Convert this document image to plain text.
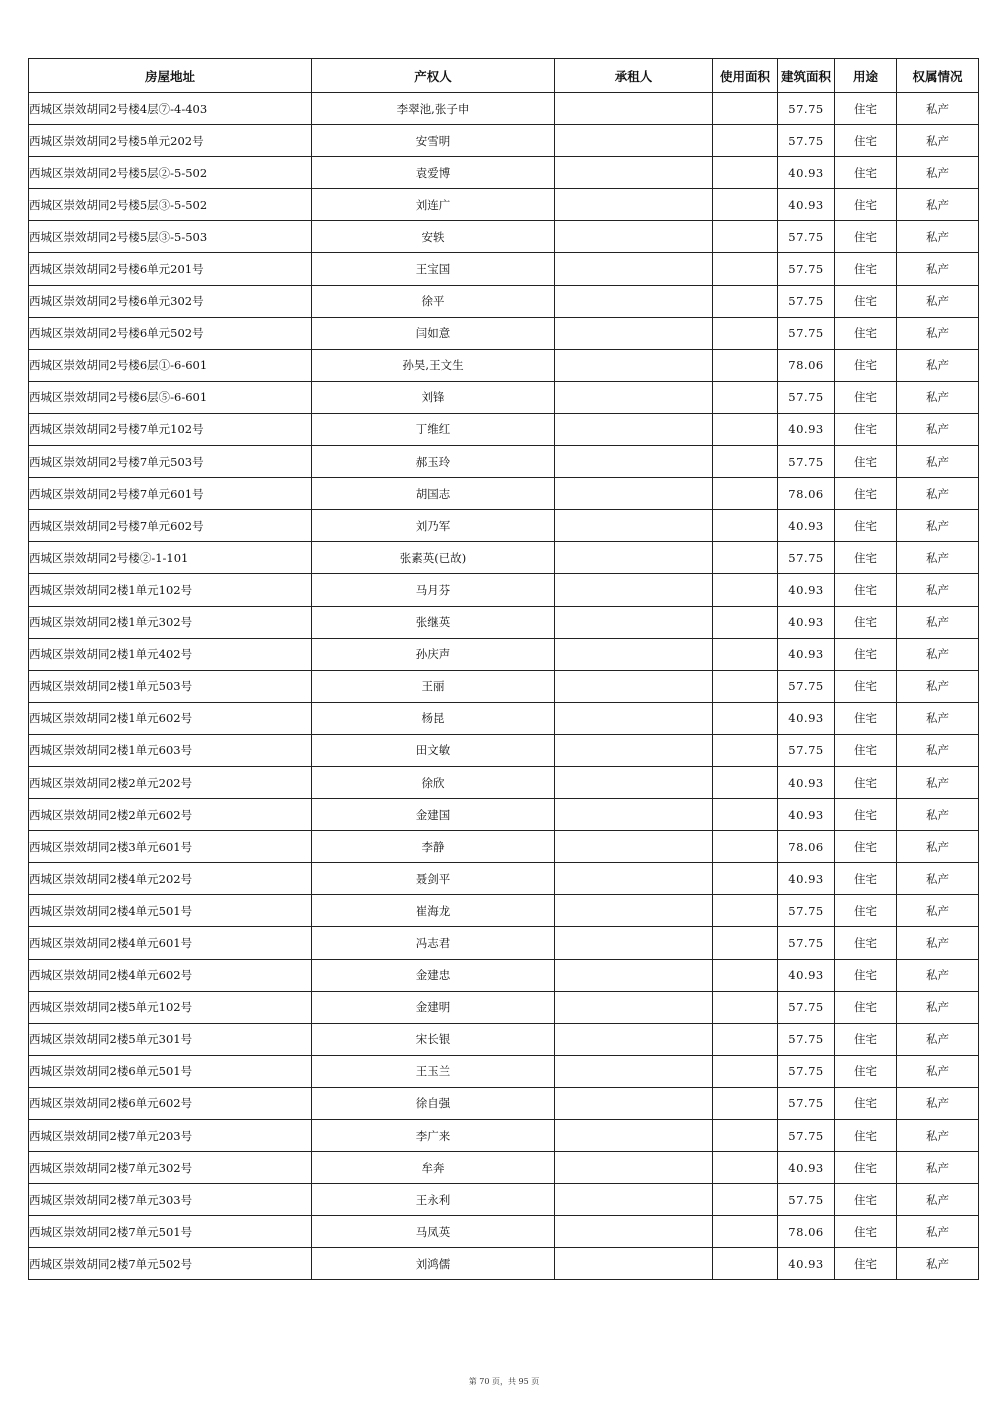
房屋地址	产权人	承租人	使用面积	建筑面积	用途	权属情况
西城区崇效胡同2号楼4层⑦-4-403	李翠池,张子申			57.75	住宅	私产
西城区崇效胡同2号楼5单元202号	安雪明			57.75	住宅	私产
西城区崇效胡同2号楼5层②-5-502	袁爱博			40.93	住宅	私产
西城区崇效胡同2号楼5层③-5-502	刘连广			40.93	住宅	私产
西城区崇效胡同2号楼5层③-5-503	安轶			57.75	住宅	私产
西城区崇效胡同2号楼6单元201号	王宝国			57.75	住宅	私产
西城区崇效胡同2号楼6单元302号	徐平			57.75	住宅	私产
西城区崇效胡同2号楼6单元502号	闫如意			57.75	住宅	私产
西城区崇效胡同2号楼6层①-6-601	孙昊,王文生			78.06	住宅	私产
西城区崇效胡同2号楼6层⑤-6-601	刘锋			57.75	住宅	私产
西城区崇效胡同2号楼7单元102号	丁维红			40.93	住宅	私产
西城区崇效胡同2号楼7单元503号	郝玉玲			57.75	住宅	私产
西城区崇效胡同2号楼7单元601号	胡国志			78.06	住宅	私产
西城区崇效胡同2号楼7单元602号	刘乃军			40.93	住宅	私产
西城区崇效胡同2号楼②-1-101	张素英(已故)			57.75	住宅	私产
西城区崇效胡同2楼1单元102号	马月芬			40.93	住宅	私产
西城区崇效胡同2楼1单元302号	张继英			40.93	住宅	私产
西城区崇效胡同2楼1单元402号	孙庆声			40.93	住宅	私产
西城区崇效胡同2楼1单元503号	王丽			57.75	住宅	私产
西城区崇效胡同2楼1单元602号	杨昆			40.93	住宅	私产
西城区崇效胡同2楼1单元603号	田文敏			57.75	住宅	私产
西城区崇效胡同2楼2单元202号	徐欣			40.93	住宅	私产
西城区崇效胡同2楼2单元602号	金建国			40.93	住宅	私产
西城区崇效胡同2楼3单元601号	李静			78.06	住宅	私产
西城区崇效胡同2楼4单元202号	聂剑平			40.93	住宅	私产
西城区崇效胡同2楼4单元501号	崔海龙			57.75	住宅	私产
西城区崇效胡同2楼4单元601号	冯志君			57.75	住宅	私产
西城区崇效胡同2楼4单元602号	金建忠			40.93	住宅	私产
西城区崇效胡同2楼5单元102号	金建明			57.75	住宅	私产
西城区崇效胡同2楼5单元301号	宋长银			57.75	住宅	私产
西城区崇效胡同2楼6单元501号	王玉兰			57.75	住宅	私产
西城区崇效胡同2楼6单元602号	徐自强			57.75	住宅	私产
西城区崇效胡同2楼7单元203号	李广来			57.75	住宅	私产
西城区崇效胡同2楼7单元302号	牟奔			40.93	住宅	私产
西城区崇效胡同2楼7单元303号	王永利			57.75	住宅	私产
西城区崇效胡同2楼7单元501号	马凤英			78.06	住宅	私产
西城区崇效胡同2楼7单元502号	刘鸿儒			40.93	住宅	私产
第 70 页，共 95 页
